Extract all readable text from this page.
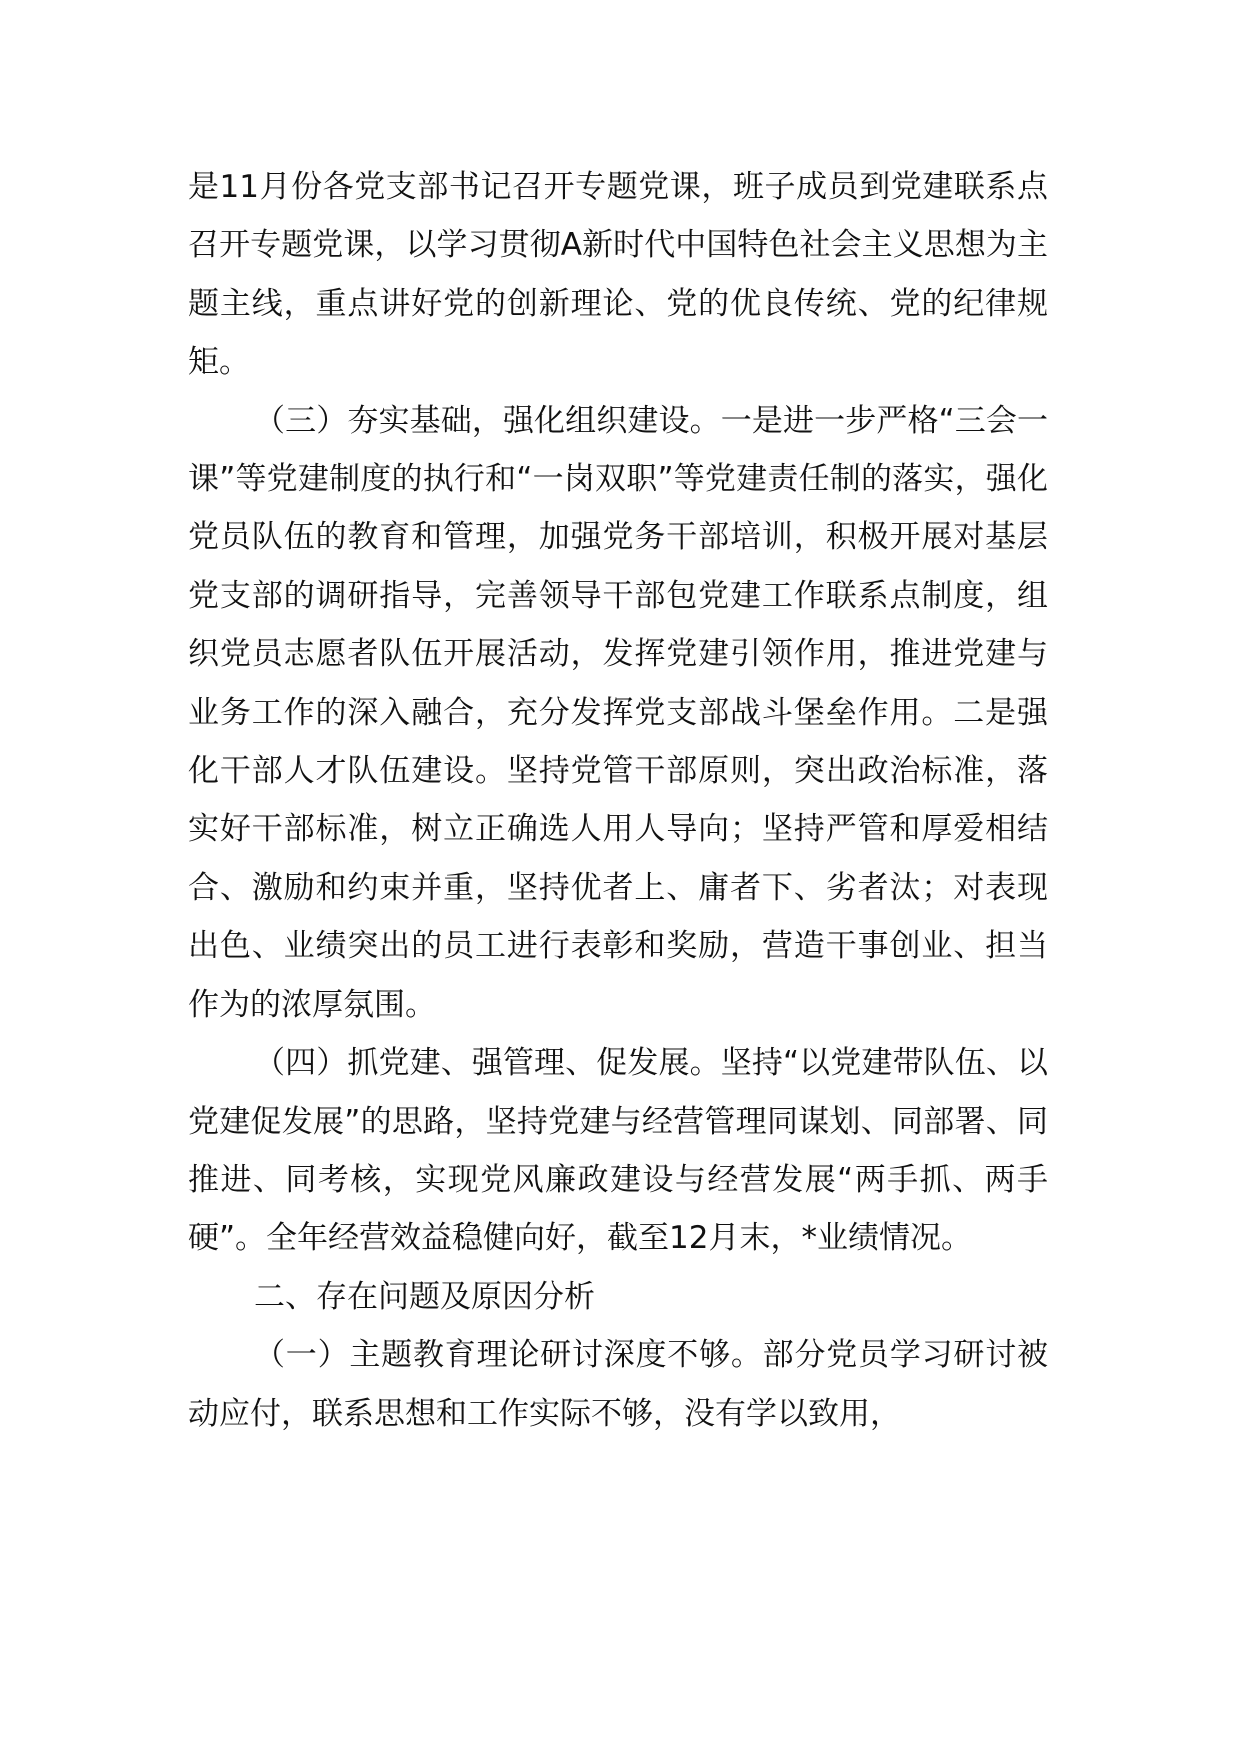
是11月份各党支部书记召开专题党课，班子成员到党建联系点召开专题党课，以学习贯彻A新时代中国特色社会主义思想为主题主线，重点讲好党的创新理论、党的优良传统、党的纪律规矩。

（三）夯实基础，强化组织建设。一是进一步严格“三会一课”等党建制度的执行和“一岗双职”等党建责任制的落实，强化党员队伍的教育和管理，加强党务干部培训，积极开展对基层党支部的调研指导，完善领导干部包党建工作联系点制度，组织党员志愿者队伍开展活动，发挥党建引领作用，推进党建与业务工作的深入融合，充分发挥党支部战斗堡垒作用。二是强化干部人才队伍建设。坚持党管干部原则，突出政治标准，落实好干部标准，树立正确选人用人导向；坚持严管和厚爱相结合、激励和约束并重，坚持优者上、庸者下、劣者汰；对表现出色、业绩突出的员工进行表彰和奖励，营造干事创业、担当作为的浓厚氛围。

（四）抓党建、强管理、促发展。坚持“以党建带队伍、以党建促发展”的思路，坚持党建与经营管理同谋划、同部署、同推进、同考核，实现党风廉政建设与经营发展“两手抓、两手硬”。全年经营效益稳健向好，截至12月末，*业绩情况。

二、存在问题及原因分析

（一）主题教育理论研讨深度不够。部分党员学习研讨被动应付，联系思想和工作实际不够，没有学以致用，
